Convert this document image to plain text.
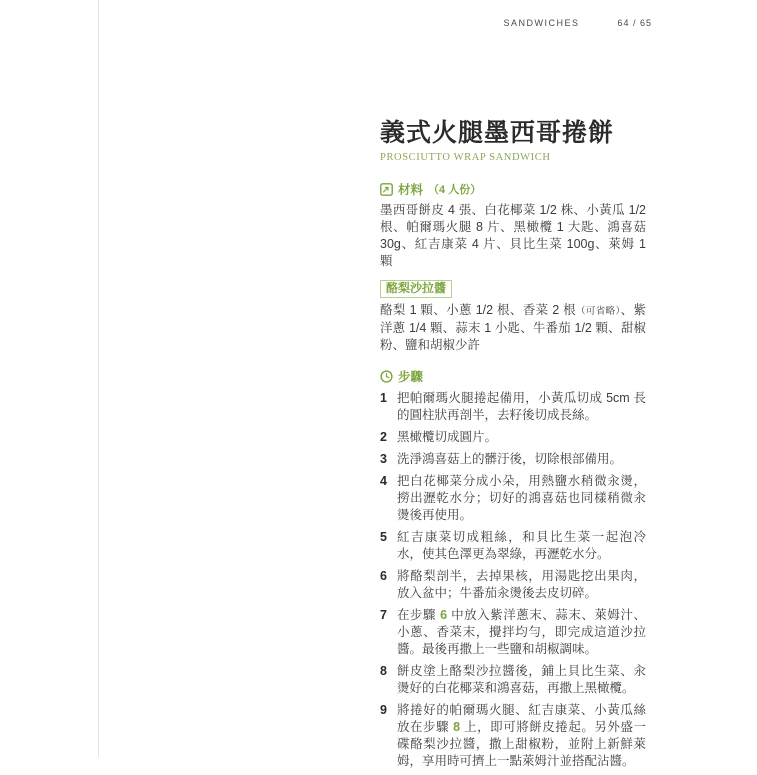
SANDWICHES	64 / 65
義式火腿墨西哥捲餅
PROSCIUTTO WRAP SANDWICH
材料 （4 人份）

墨西哥餅皮 4 張、白花椰菜 1/2 株、小黃瓜 1/2 根、帕爾瑪火腿 8 片、黑橄欖 1 大匙、鴻喜菇 30g、紅吉康菜 4 片、貝比生菜 100g、萊姆 1 顆

酪梨沙拉醬

酪梨 1 顆、小蔥 1/2 根、香菜 2 根（可省略）、紫洋蔥 1/4 顆、蒜末 1 小匙、牛番茄 1/2 顆、甜椒粉、鹽和胡椒少許

步驟
1 把帕爾瑪火腿捲起備用，小黃瓜切成 5cm 長的圓柱狀再剖半，去籽後切成長絲。
2 黑橄欖切成圓片。
3 洗淨鴻喜菇上的髒汙後，切除根部備用。
4 把白花椰菜分成小朵，用熱鹽水稍微汆燙，撈出瀝乾水分；切好的鴻喜菇也同樣稍微汆燙後再使用。
5 紅吉康菜切成粗絲，和貝比生菜一起泡冷水，使其色澤更為翠綠，再瀝乾水分。
6 將酪梨剖半，去掉果核，用湯匙挖出果肉，放入盆中；牛番茄汆燙後去皮切碎。
7 在步驟 6 中放入紫洋蔥末、蒜末、萊姆汁、小蔥、香菜末，攪拌均勻，即完成這道沙拉醬。最後再撒上一些鹽和胡椒調味。
8 餅皮塗上酪梨沙拉醬後，鋪上貝比生菜、汆燙好的白花椰菜和鴻喜菇，再撒上黑橄欖。
9 將捲好的帕爾瑪火腿、紅吉康菜、小黃瓜絲放在步驟 8 上，即可將餅皮捲起。另外盛一碟酪梨沙拉醬，撒上甜椒粉，並附上新鮮萊姆，享用時可擠上一點萊姆汁並搭配沾醬。
